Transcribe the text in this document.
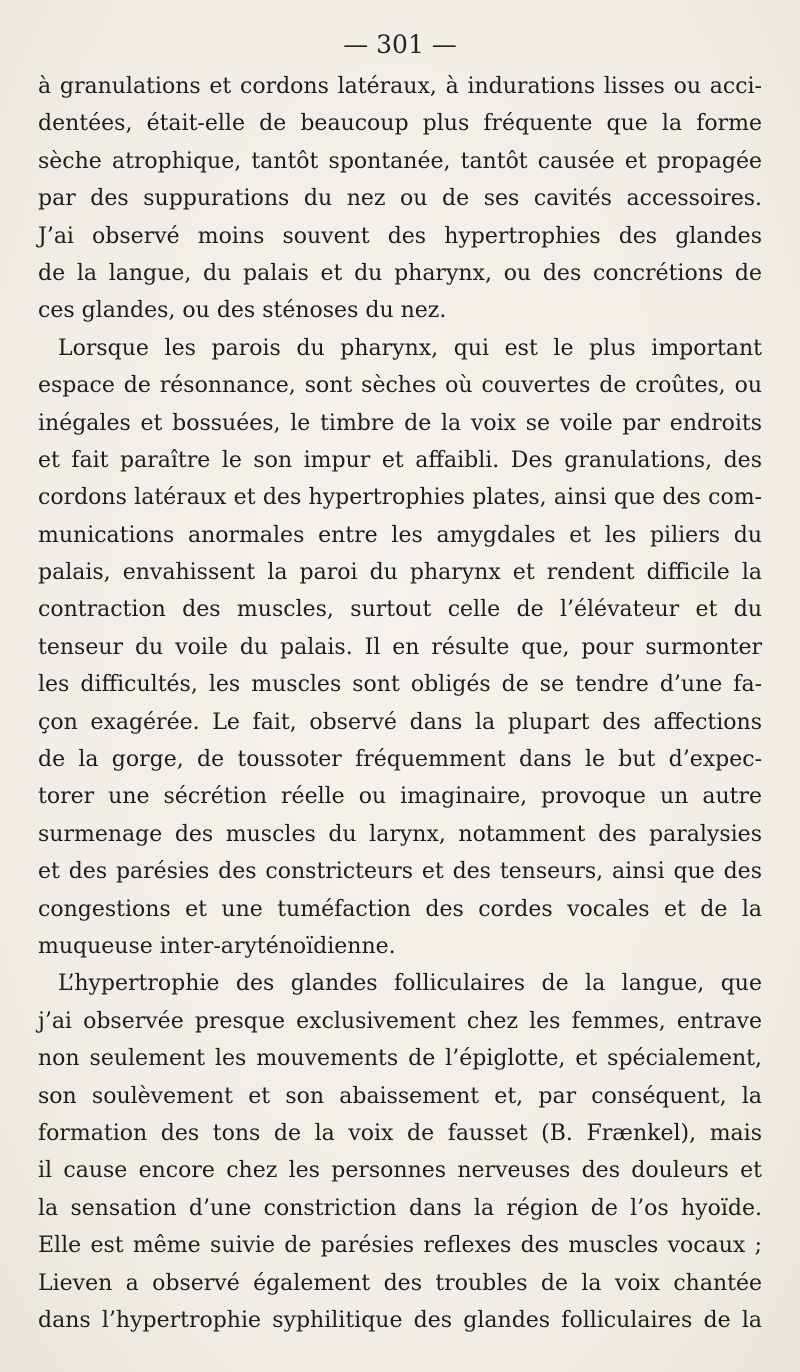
— 301 —
à granulations et cordons latéraux, à indurations lisses ou acci-
dentées, était-elle de beaucoup plus fréquente que la forme
sèche atrophique, tantôt spontanée, tantôt causée et propagée
par des suppurations du nez ou de ses cavités accessoires.
J’ai observé moins souvent des hypertrophies des glandes
de la langue, du palais et du pharynx, ou des concrétions de
ces glandes, ou des sténoses du nez.
Lorsque les parois du pharynx, qui est le plus important
espace de résonnance, sont sèches où couvertes de croûtes, ou
inégales et bossuées, le timbre de la voix se voile par endroits
et fait paraître le son impur et affaibli. Des granulations, des
cordons latéraux et des hypertrophies plates, ainsi que des com-
munications anormales entre les amygdales et les piliers du
palais, envahissent la paroi du pharynx et rendent difficile la
contraction des muscles, surtout celle de l’élévateur et du
tenseur du voile du palais. Il en résulte que, pour surmonter
les difficultés, les muscles sont obligés de se tendre d’une fa-
çon exagérée. Le fait, observé dans la plupart des affections
de la gorge, de toussoter fréquemment dans le but d’expec-
torer une sécrétion réelle ou imaginaire, provoque un autre
surmenage des muscles du larynx, notamment des paralysies
et des parésies des constricteurs et des tenseurs, ainsi que des
congestions et une tuméfaction des cordes vocales et de la
muqueuse inter-aryténoïdienne.
L’hypertrophie des glandes folliculaires de la langue, que
j’ai observée presque exclusivement chez les femmes, entrave
non seulement les mouvements de l’épiglotte, et spécialement,
son soulèvement et son abaissement et, par conséquent, la
formation des tons de la voix de fausset (B. Frænkel), mais
il cause encore chez les personnes nerveuses des douleurs et
la sensation d’une constriction dans la région de l’os hyoïde.
Elle est même suivie de parésies reflexes des muscles vocaux ;
Lieven a observé également des troubles de la voix chantée
dans l’hypertrophie syphilitique des glandes folliculaires de la
